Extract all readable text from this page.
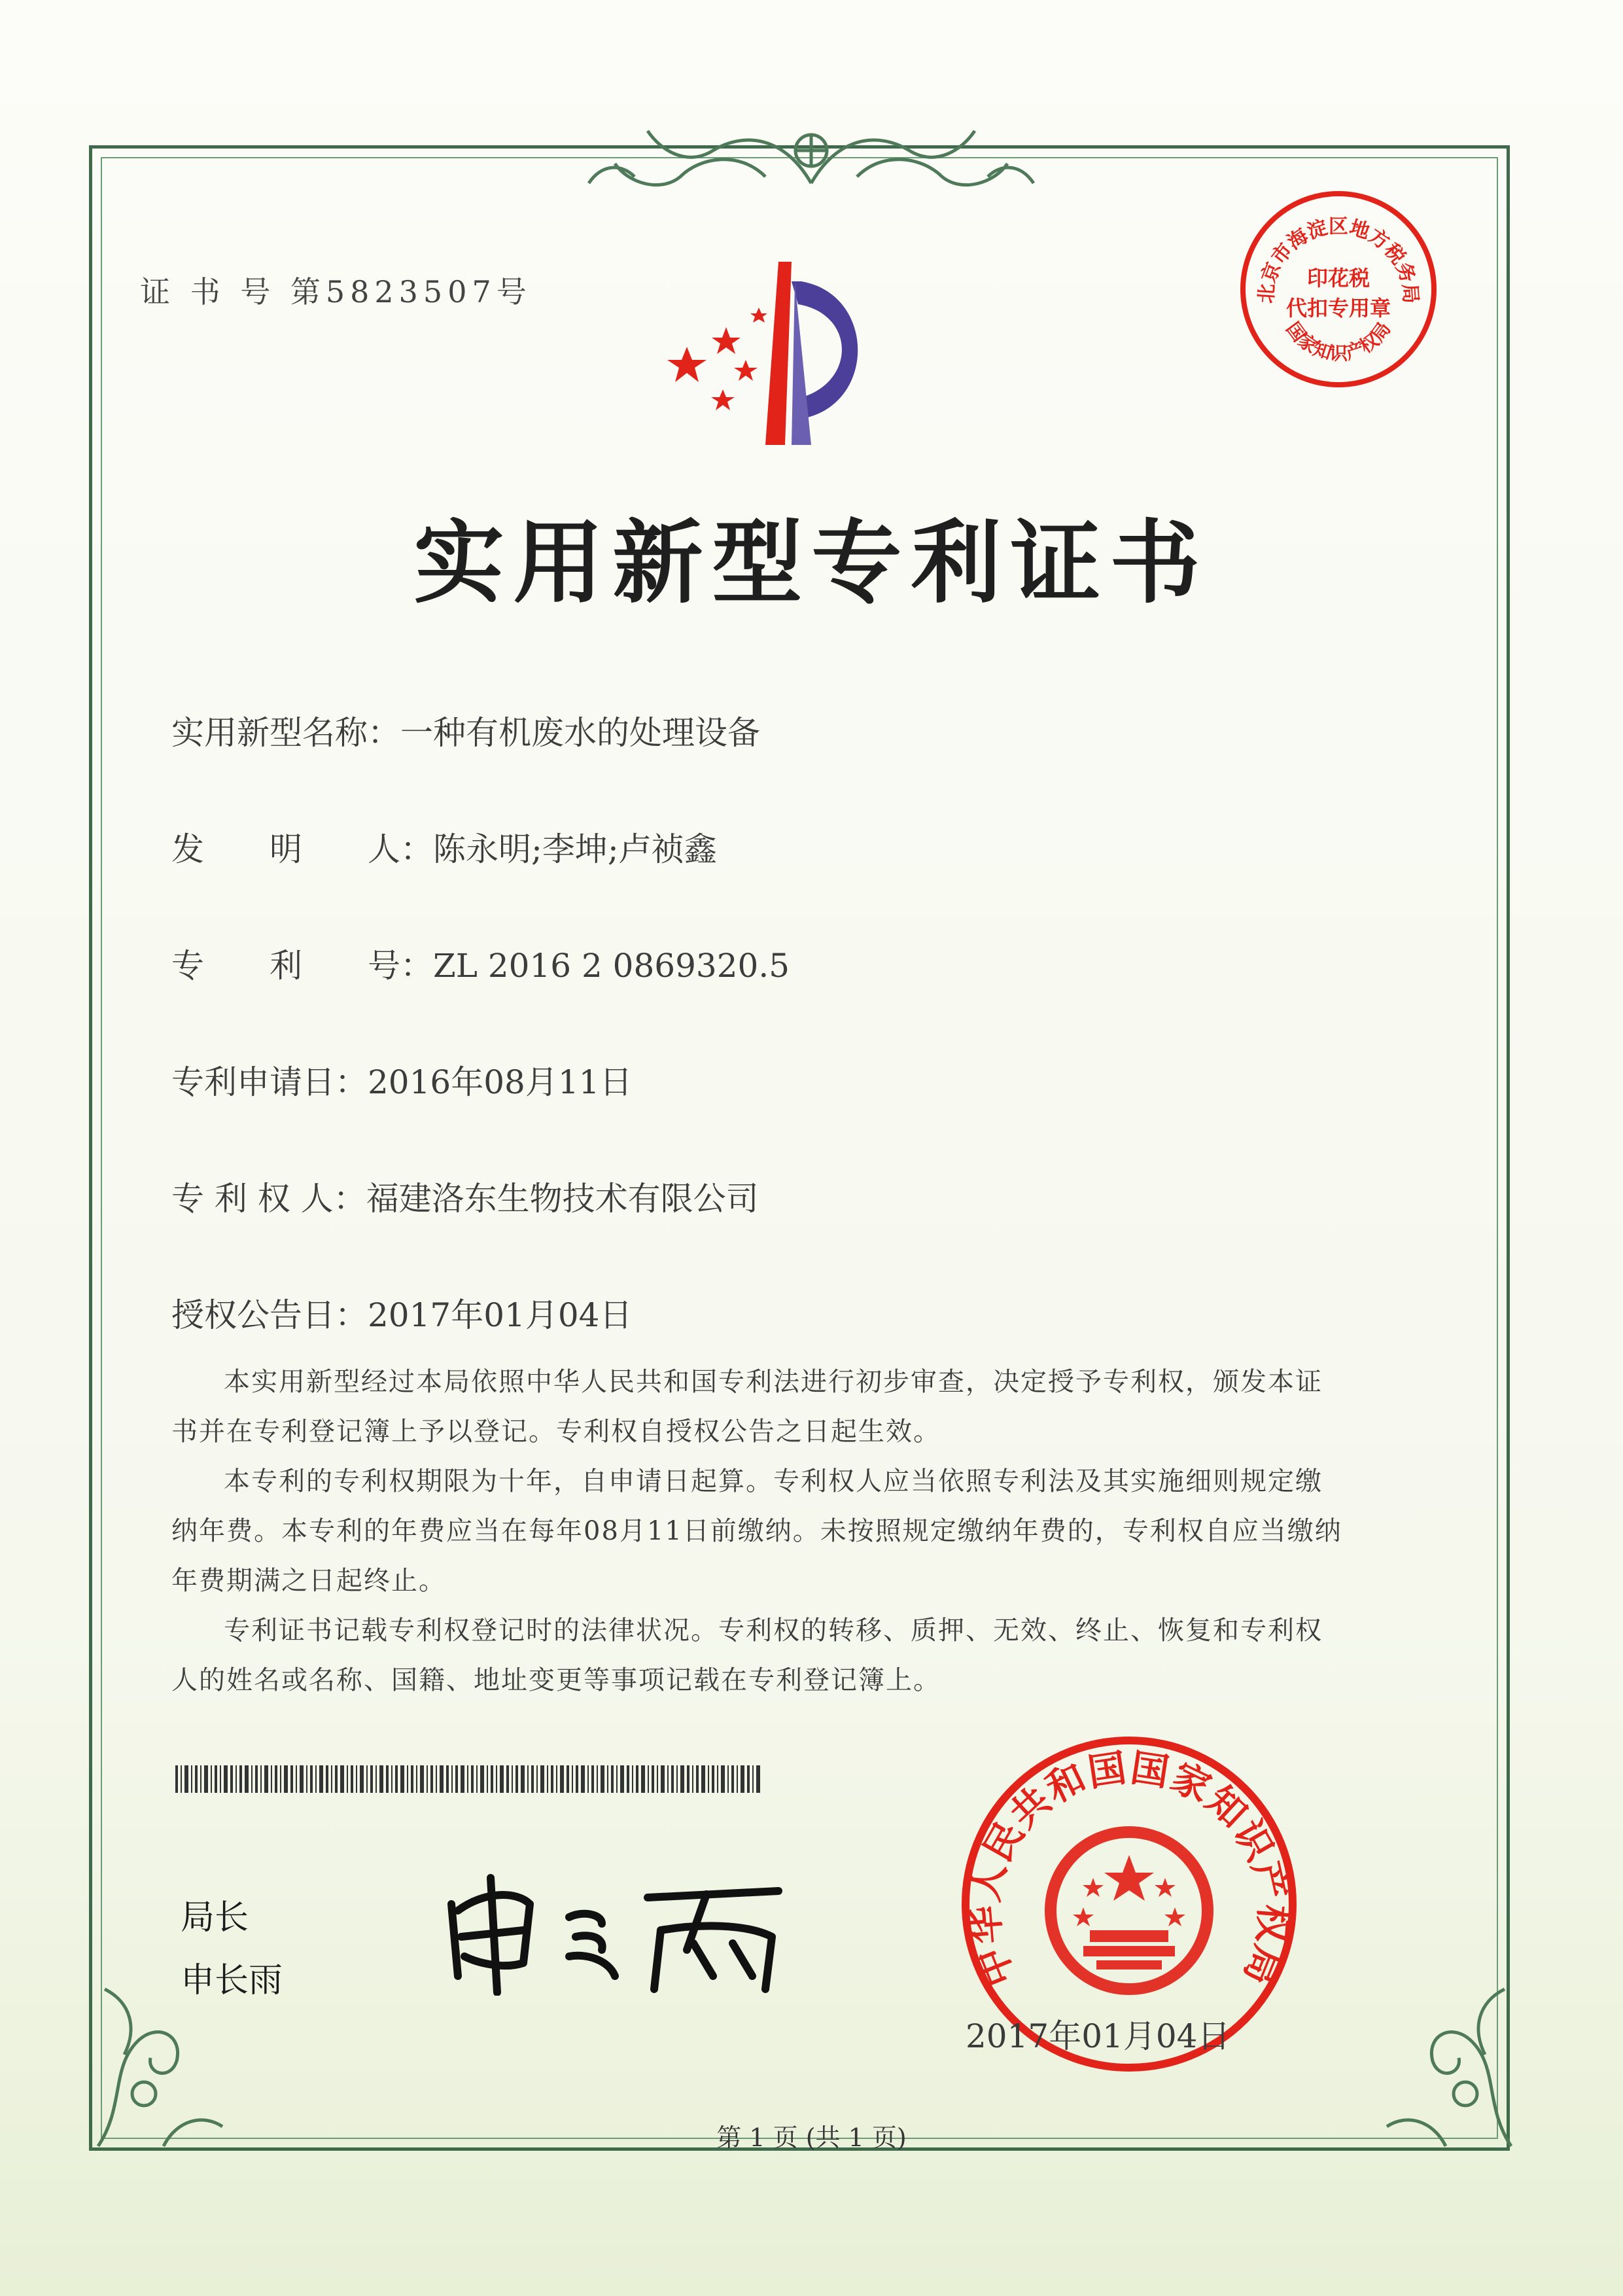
证 书 号 第5823507号	北京市海淀区地方税务局
印花税
代扣专用章
国家知识产权局
实用新型专利证书
实用新型名称：一种有机废水的处理设备
发　　明　　人：陈永明;李坤;卢祯鑫
专　　利　　号：ZL 2016 2 0869320.5
专利申请日：2016年08月11日
专 利 权 人：福建洛东生物技术有限公司
授权公告日：2017年01月04日

本实用新型经过本局依照中华人民共和国专利法进行初步审查，决定授予专利权，颁发本证书并在专利登记簿上予以登记。专利权自授权公告之日起生效。

本专利的专利权期限为十年，自申请日起算。专利权人应当依照专利法及其实施细则规定缴纳年费。本专利的年费应当在每年08月11日前缴纳。未按照规定缴纳年费的，专利权自应当缴纳年费期满之日起终止。

专利证书记载专利权登记时的法律状况。专利权的转移、质押、无效、终止、恢复和专利权人的姓名或名称、国籍、地址变更等事项记载在专利登记簿上。

局长
申长雨	中华人民共和国国家知识产权局
2017年01月04日
第 1 页 (共 1 页)
